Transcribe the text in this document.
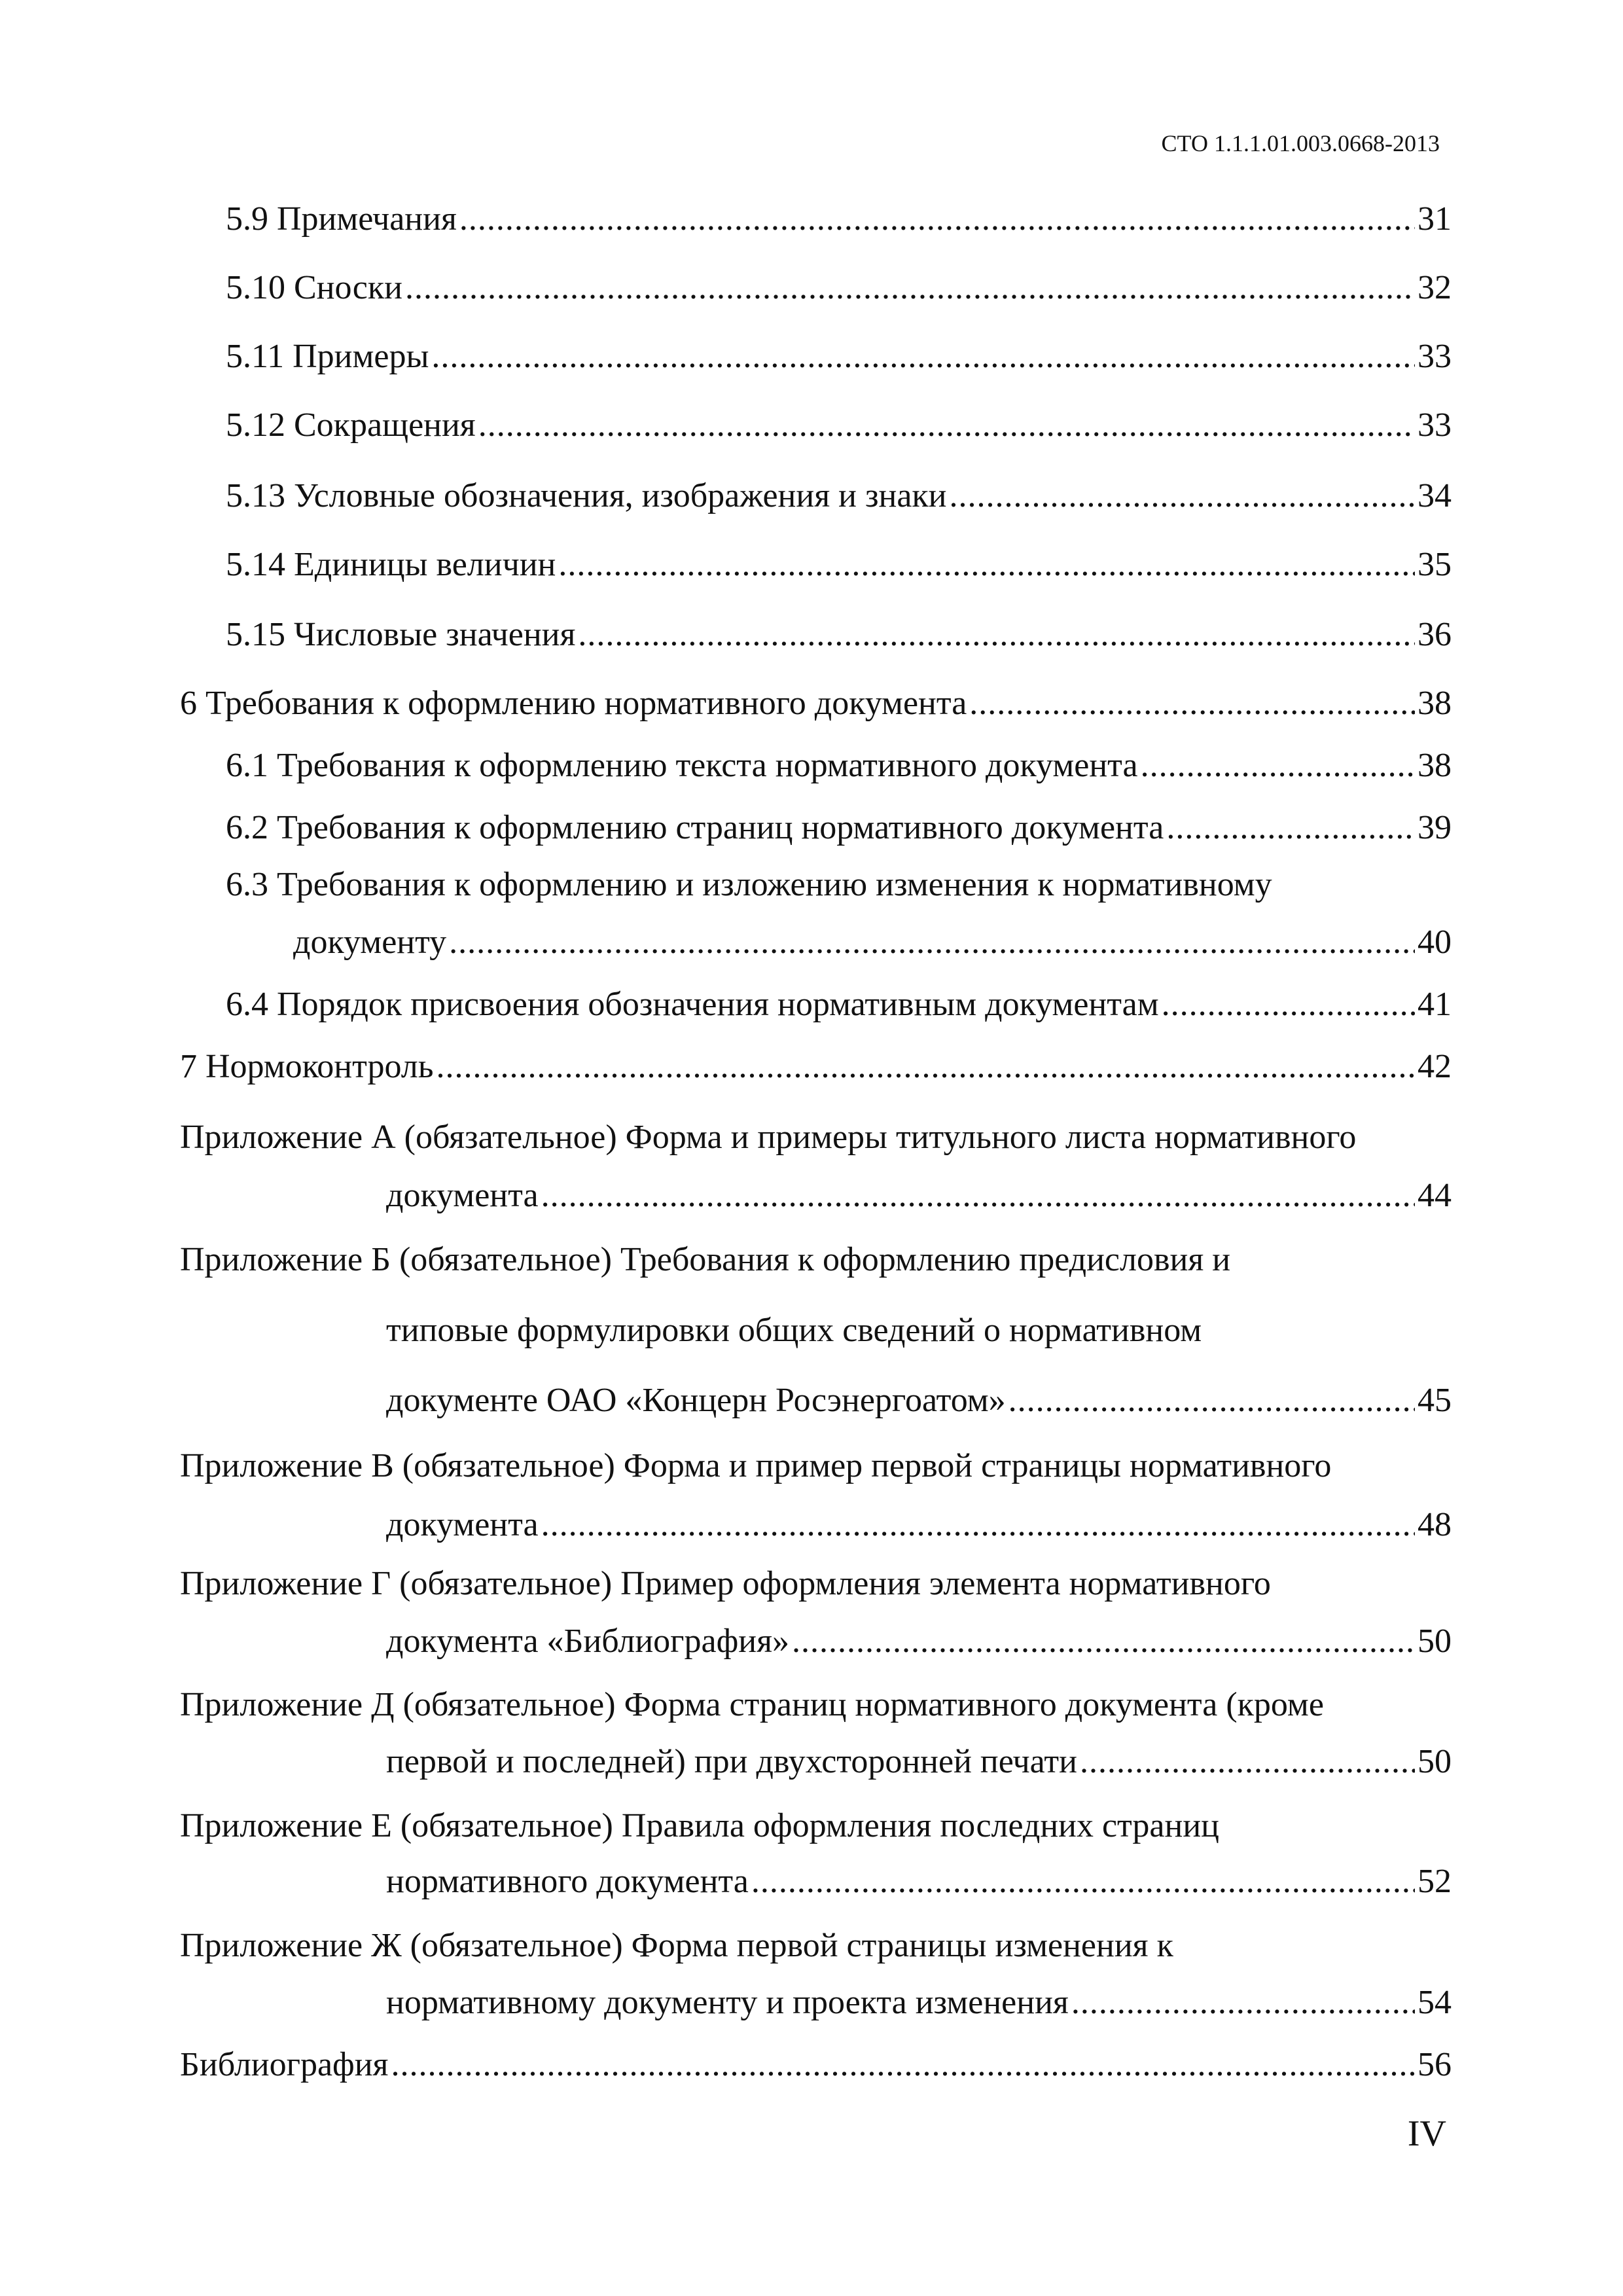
СТО 1.1.1.01.003.0668-2013
5.9 Примечания .....	31
5.10 Сноски .....	32
5.11 Примеры .....	33
5.12 Сокращения .....	33
5.13 Условные обозначения, изображения и знаки .....	34
5.14 Единицы величин .....	35
5.15 Числовые значения .....	36
6 Требования к оформлению нормативного документа .....	38
6.1 Требования к оформлению текста нормативного документа .....	38
6.2 Требования к оформлению страниц нормативного документа .....	39
6.3 Требования к оформлению и изложению изменения к нормативному
документу .....	40
6.4 Порядок присвоения обозначения нормативным документам .....	41
7 Нормоконтроль .....	42
Приложение А (обязательное) Форма и примеры титульного листа нормативного
документа .....	44
Приложение Б (обязательное) Требования к оформлению предисловия и
типовые формулировки общих сведений о нормативном
документе ОАО «Концерн Росэнергоатом» .....	45
Приложение В (обязательное) Форма и пример первой страницы нормативного
документа .....	48
Приложение Г (обязательное) Пример оформления элемента нормативного
документа «Библиография» .....	50
Приложение Д (обязательное) Форма страниц нормативного документа (кроме
первой и последней) при двухсторонней печати .....	50
Приложение Е (обязательное) Правила оформления последних страниц
нормативного документа .....	52
Приложение Ж (обязательное) Форма первой страницы изменения к
нормативному документу и проекта изменения .....	54
Библиография .....	56
IV
